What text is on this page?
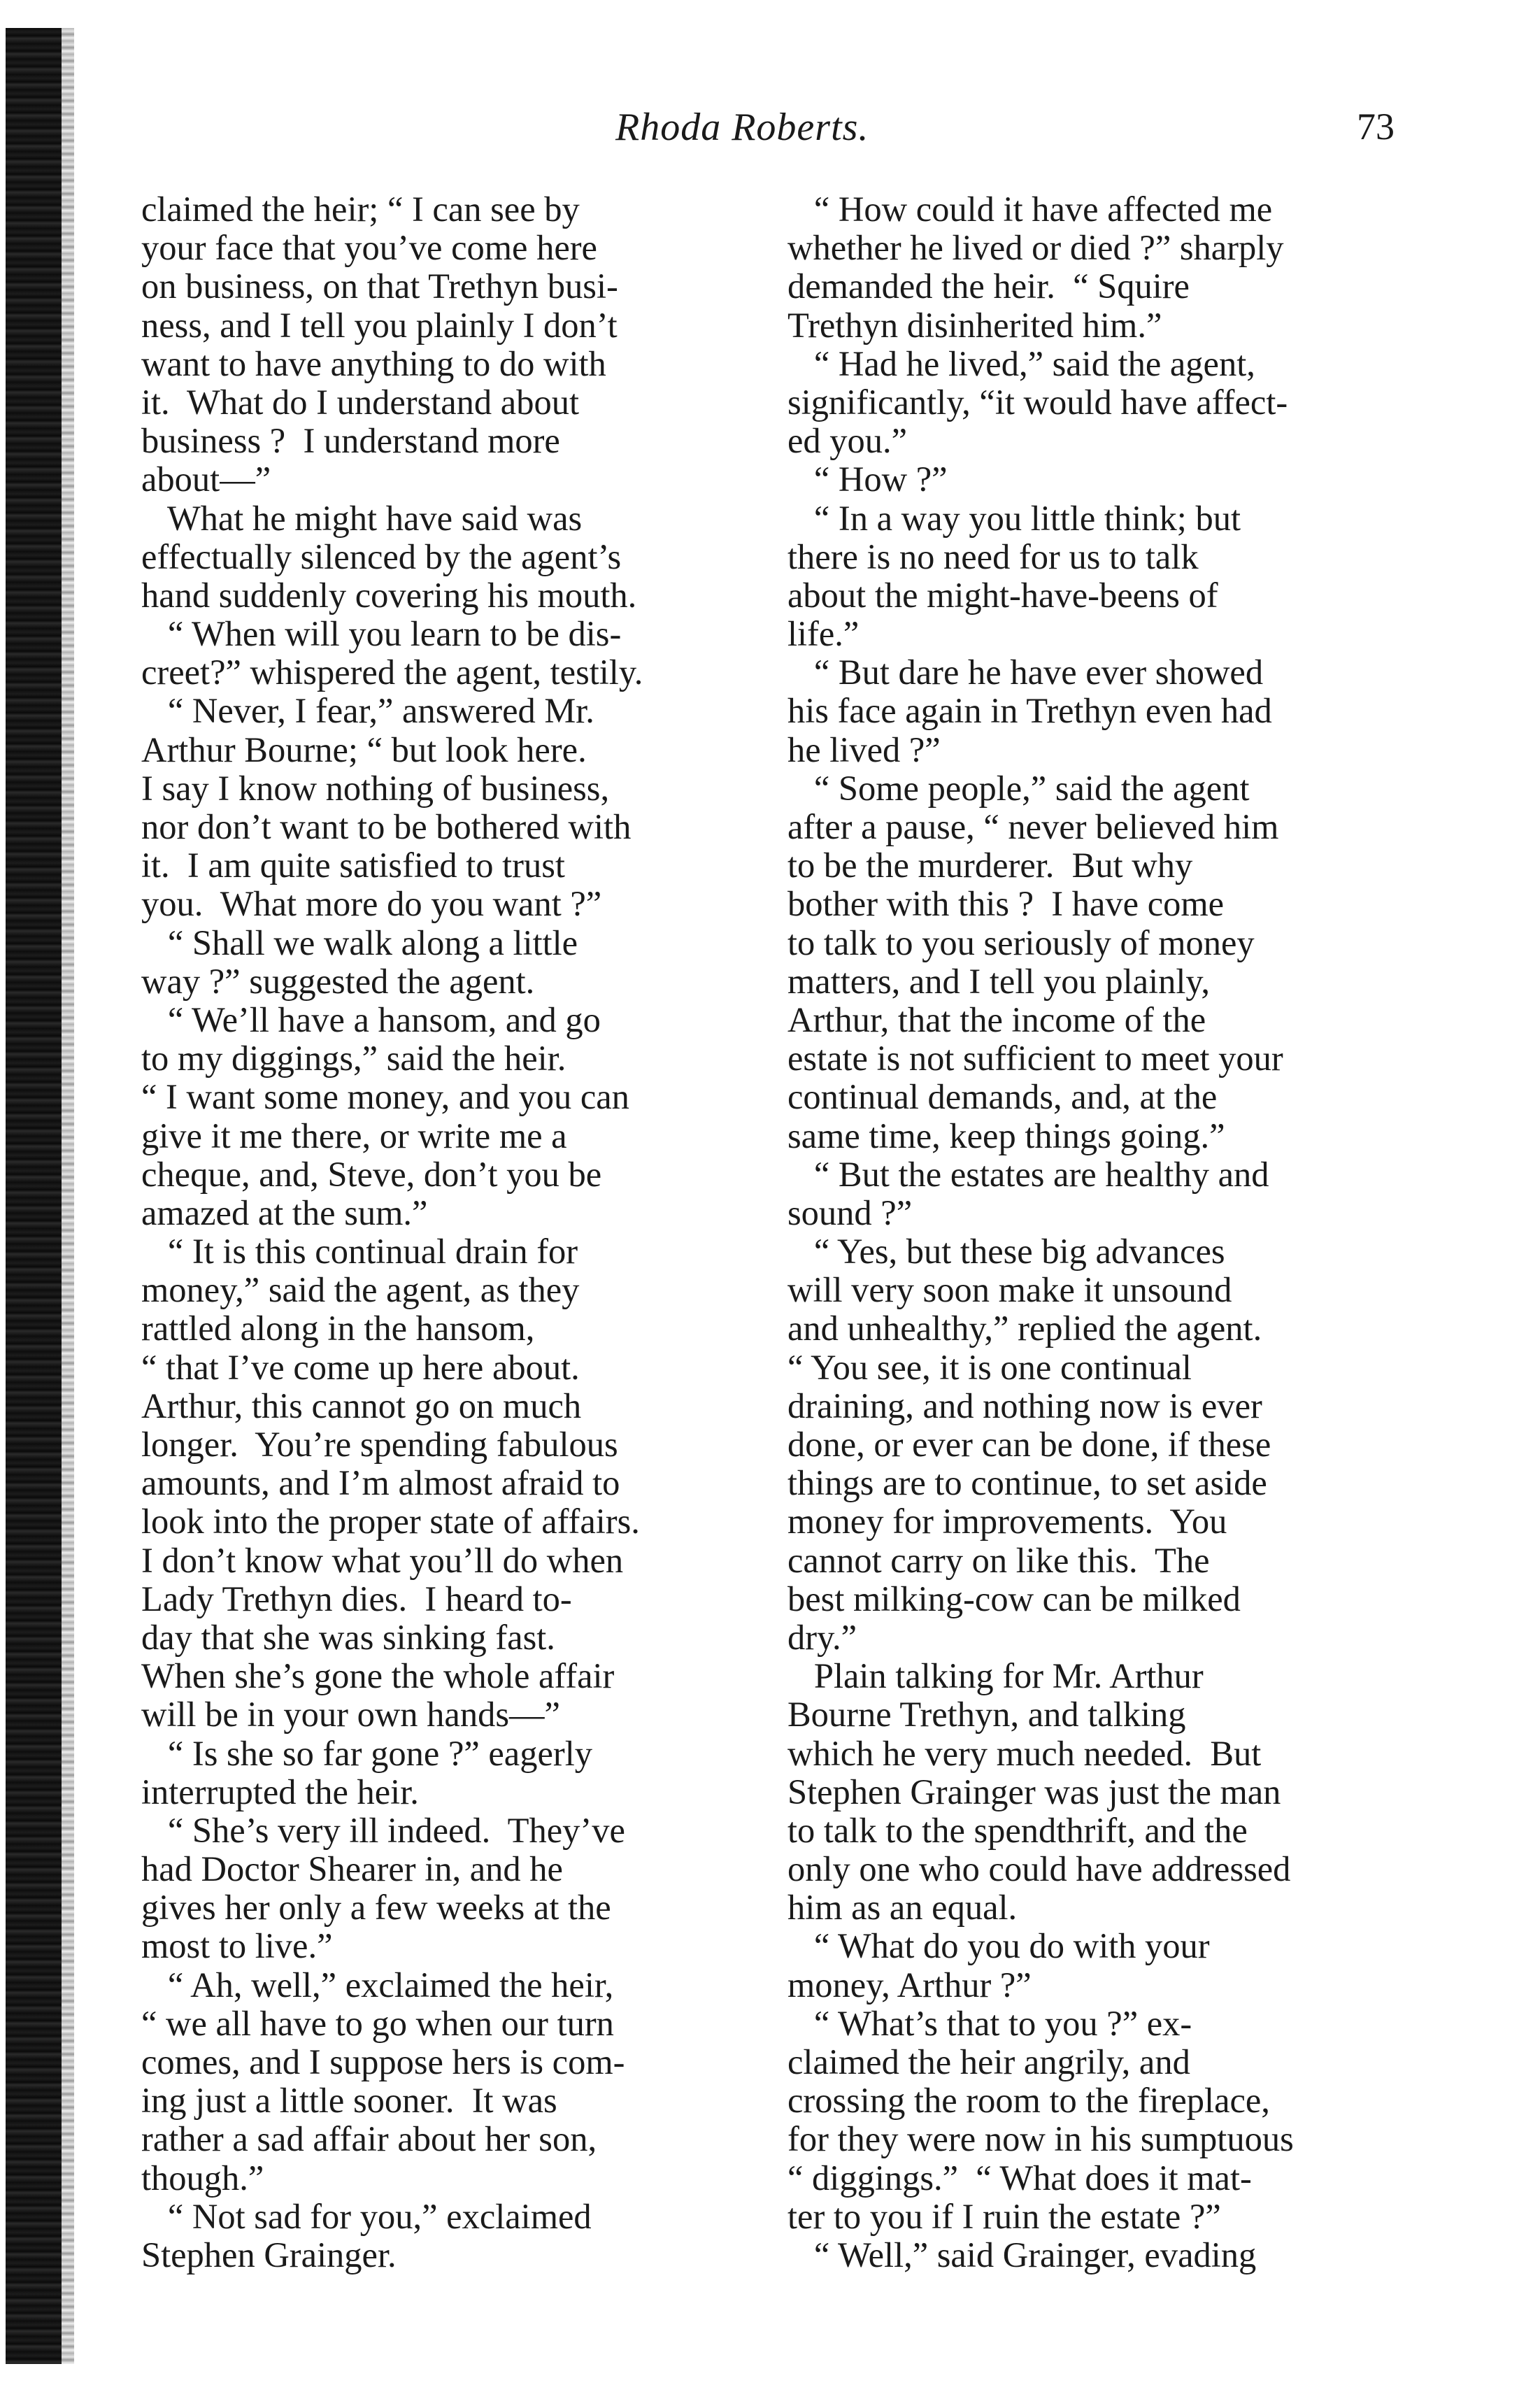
Rhoda Roberts.	73
claimed the heir; “ I can see by
your face that you’ve come here
on business, on that Trethyn busi-
ness, and I tell you plainly I don’t
want to have anything to do with
it.  What do I understand about
business ?  I understand more
about—”
What he might have said was
effectually silenced by the agent’s
hand suddenly covering his mouth.
“ When will you learn to be dis-
creet?” whispered the agent, testily.
“ Never, I fear,” answered Mr.
Arthur Bourne; “ but look here.
I say I know nothing of business,
nor don’t want to be bothered with
it.  I am quite satisfied to trust
you.  What more do you want ?”
“ Shall we walk along a little
way ?” suggested the agent.
“ We’ll have a hansom, and go
to my diggings,” said the heir.
“ I want some money, and you can
give it me there, or write me a
cheque, and, Steve, don’t you be
amazed at the sum.”
“ It is this continual drain for
money,” said the agent, as they
rattled along in the hansom,
“ that I’ve come up here about.
Arthur, this cannot go on much
longer.  You’re spending fabulous
amounts, and I’m almost afraid to
look into the proper state of affairs.
I don’t know what you’ll do when
Lady Trethyn dies.  I heard to-
day that she was sinking fast.
When she’s gone the whole affair
will be in your own hands—”
“ Is she so far gone ?” eagerly
interrupted the heir.
“ She’s very ill indeed.  They’ve
had Doctor Shearer in, and he
gives her only a few weeks at the
most to live.”
“ Ah, well,” exclaimed the heir,
“ we all have to go when our turn
comes, and I suppose hers is com-
ing just a little sooner.  It was
rather a sad affair about her son,
though.”
“ Not sad for you,” exclaimed
Stephen Grainger.
“ How could it have affected me
whether he lived or died ?” sharply
demanded the heir.  “ Squire
Trethyn disinherited him.”
“ Had he lived,” said the agent,
significantly, “it would have affect-
ed you.”
“ How ?”
“ In a way you little think; but
there is no need for us to talk
about the might-have-beens of
life.”
“ But dare he have ever showed
his face again in Trethyn even had
he lived ?”
“ Some people,” said the agent
after a pause, “ never believed him
to be the murderer.  But why
bother with this ?  I have come
to talk to you seriously of money
matters, and I tell you plainly,
Arthur, that the income of the
estate is not sufficient to meet your
continual demands, and, at the
same time, keep things going.”
“ But the estates are healthy and
sound ?”
“ Yes, but these big advances
will very soon make it unsound
and unhealthy,” replied the agent.
“ You see, it is one continual
draining, and nothing now is ever
done, or ever can be done, if these
things are to continue, to set aside
money for improvements.  You
cannot carry on like this.  The
best milking-cow can be milked
dry.”
Plain talking for Mr. Arthur
Bourne Trethyn, and talking
which he very much needed.  But
Stephen Grainger was just the man
to talk to the spendthrift, and the
only one who could have addressed
him as an equal.
“ What do you do with your
money, Arthur ?”
“ What’s that to you ?” ex-
claimed the heir angrily, and
crossing the room to the fireplace,
for they were now in his sumptuous
“ diggings.”  “ What does it mat-
ter to you if I ruin the estate ?”
“ Well,” said Grainger, evading
